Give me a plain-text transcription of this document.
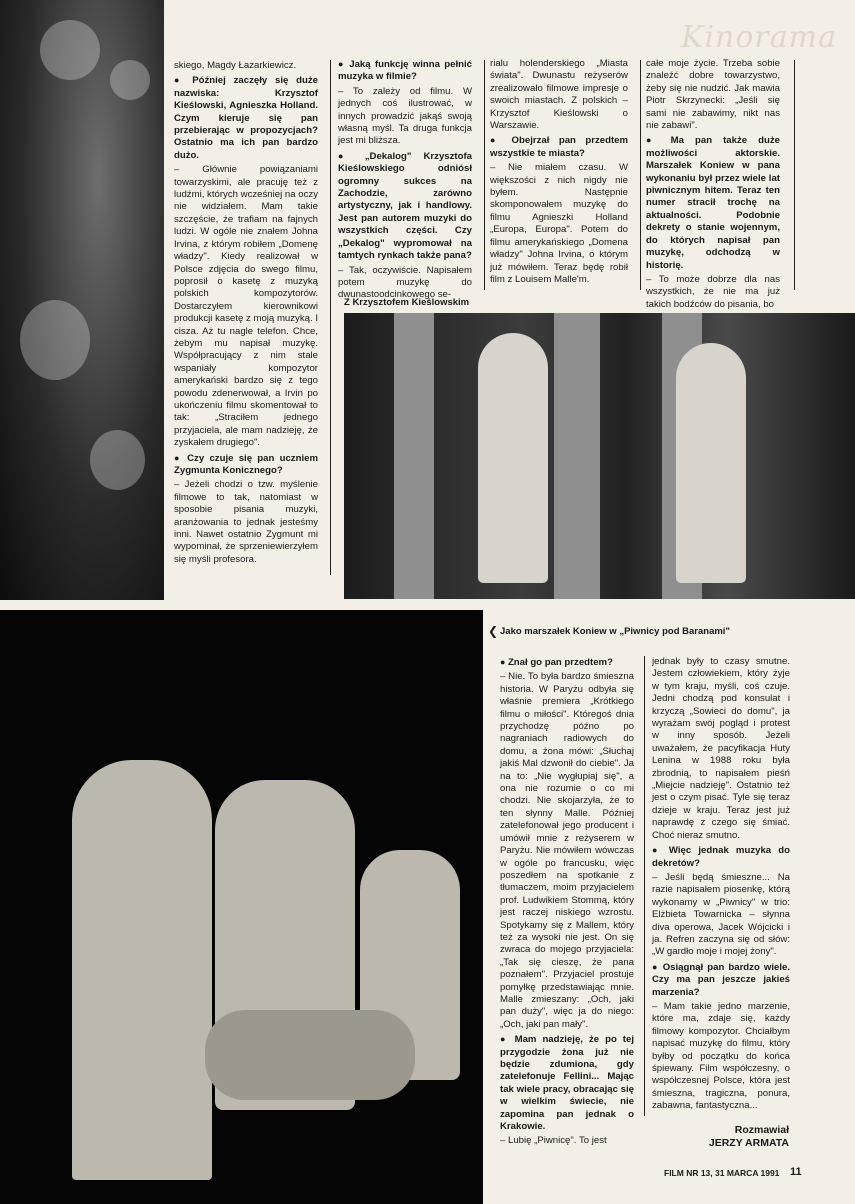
Kinorama
Z Krzysztofem Kieślowskim
❮ Jako marszałek Koniew w „Piwnicy pod Baranami"

skiego, Magdy Łazarkiewicz.

● Później zaczęły się duże nazwiska: Krzysztof Kieślowski, Agnieszka Holland. Czym kieruje się pan przebierając w propozycjach? Ostatnio ma ich pan bardzo dużo.

– Głównie powiązaniami towarzyskimi, ale pracuję też z ludźmi, których wcześniej na oczy nie widziałem. Mam takie szczęście, że trafiam na fajnych ludzi. W ogóle nie znałem Johna Irvina, z którym robiłem „Domenę władzy". Kiedy realizował w Polsce zdjęcia do swego filmu, poprosił o kasetę z muzyką polskich kompozytorów. Dostarczyłem kierownikowi produkcji kasetę z moją muzyką. I cisza. Aż tu nagle telefon. Chce, żebym mu napisał muzykę. Współpracujący z nim stale wspaniały kompozytor amerykański bardzo się z tego powodu zdenerwował, a Irvin po ukończeniu filmu skomentował to tak: „Straciłem jednego przyjaciela, ale mam nadzieję, że zyskałem drugiego".

● Czy czuje się pan uczniem Zygmunta Konicznego?

– Jeżeli chodzi o tzw. myślenie filmowe to tak, natomiast w sposobie pisania muzyki, aranżowania to jednak jesteśmy inni. Nawet ostatnio Zygmunt mi wypominał, że sprzeniewierzyłem się myśli profesora.

● Jaką funkcję winna pełnić muzyka w filmie?

– To zależy od filmu. W jednych coś ilustrować, w innych prowadzić jakąś swoją własną myśl. Ta druga funkcja jest mi bliższa.

● „Dekalog" Krzysztofa Kieślowskiego odniósł ogromny sukces na Zachodzie, zarówno artystyczny, jak i handlowy. Jest pan autorem muzyki do wszystkich części. Czy „Dekalog" wypromował na tamtych rynkach także pana?

– Tak, oczywiście. Napisałem potem muzykę do dwunastoodcinkowego se-

rialu holenderskiego „Miasta świata". Dwunastu reżyserów zrealizowało filmowe impresje o swoich miastach. Z polskich – Krzysztof Kieślowski o Warszawie.

● Obejrzał pan przedtem wszystkie te miasta?

– Nie miałem czasu. W większości z nich nigdy nie byłem. Następnie skomponowałem muzykę do filmu Agnieszki Holland „Europa, Europa". Potem do filmu amerykańskiego „Domena władzy" Johna Irvina, o którym już mówiłem. Teraz będę robił film z Louisem Malle'm.

całe moje życie. Trzeba sobie znaleźć dobre towarzystwo, żeby się nie nudzić. Jak mawia Piotr Skrzynecki: „Jeśli się sami nie zabawimy, nikt nas nie zabawi".

● Ma pan także duże możliwości aktorskie. Marszałek Koniew w pana wykonaniu był przez wiele lat piwnicznym hitem. Teraz ten numer stracił trochę na aktualności. Podobnie dekrety o stanie wojennym, do których napisał pan muzykę, odchodzą w historię.

– To może dobrze dla nas wszystkich, że nie ma już takich bodźców do pisania, bo

● Znał go pan przedtem?

– Nie. To była bardzo śmieszna historia. W Paryżu odbyła się właśnie premiera „Krótkiego filmu o miłości". Któregoś dnia przychodzę późno po nagraniach radiowych do domu, a żona mówi: „Słuchaj jakiś Mal dzwonił do ciebie". Ja na to: „Nie wygłupiaj się", a ona nie rozumie o co mi chodzi. Nie skojarzyła, że to ten słynny Malle. Później zatelefonował jego producent i umówił mnie z reżyserem w Paryżu. Nie mówiłem wówczas w ogóle po francusku, więc poszedłem na spotkanie z tłumaczem, moim przyjacielem prof. Ludwikiem Stommą, który jest raczej niskiego wzrostu. Spotykamy się z Mallem, który też za wysoki nie jest. On się zwraca do mojego przyjaciela: „Tak się cieszę, że pana poznałem". Przyjaciel prostuje pomyłkę przedstawiając mnie. Malle zmieszany: „Och, jaki pan duży", więc ja do niego: „Och, jaki pan mały".

● Mam nadzieję, że po tej przygodzie żona już nie będzie zdumiona, gdy zatelefonuje Fellini... Mając tak wiele pracy, obracając się w wielkim świecie, nie zapomina pan jednak o Krakowie.

– Lubię „Piwnicę". To jest

jednak były to czasy smutne. Jestem człowiekiem, który żyje w tym kraju, myśli, coś czuje. Jedni chodzą pod konsulat i krzyczą „Sowieci do domu", ja wyrażam swój pogląd i protest w inny sposób. Jeżeli uważałem, że pacyfikacja Huty Lenina w 1988 roku była zbrodnią, to napisałem pieśń „Miejcie nadzieję". Ostatnio też jest o czym pisać. Tyle się teraz dzieje w kraju. Teraz jest już naprawdę z czego się śmiać. Choć nieraz smutno.

● Więc jednak muzyka do dekretów?

– Jeśli będą śmieszne... Na razie napisałem piosenkę, którą wykonamy w „Piwnicy" w trio: Elżbieta Towarnicka – słynna diva operowa, Jacek Wójcicki i ja. Refren zaczyna się od słów: „W gardło moje i mojej żony".

● Osiągnął pan bardzo wiele. Czy ma pan jeszcze jakieś marzenia?

– Mam takie jedno marzenie, które ma, zdaje się, każdy filmowy kompozytor. Chciałbym napisać muzykę do filmu, który byłby od początku do końca śpiewany. Film współczesny, o współczesnej Polsce, która jest śmieszna, tragiczna, ponura, zabawna, fantastyczna...

Rozmawiał
JERZY ARMATA
FILM NR 13, 31 MARCA 1991 11
